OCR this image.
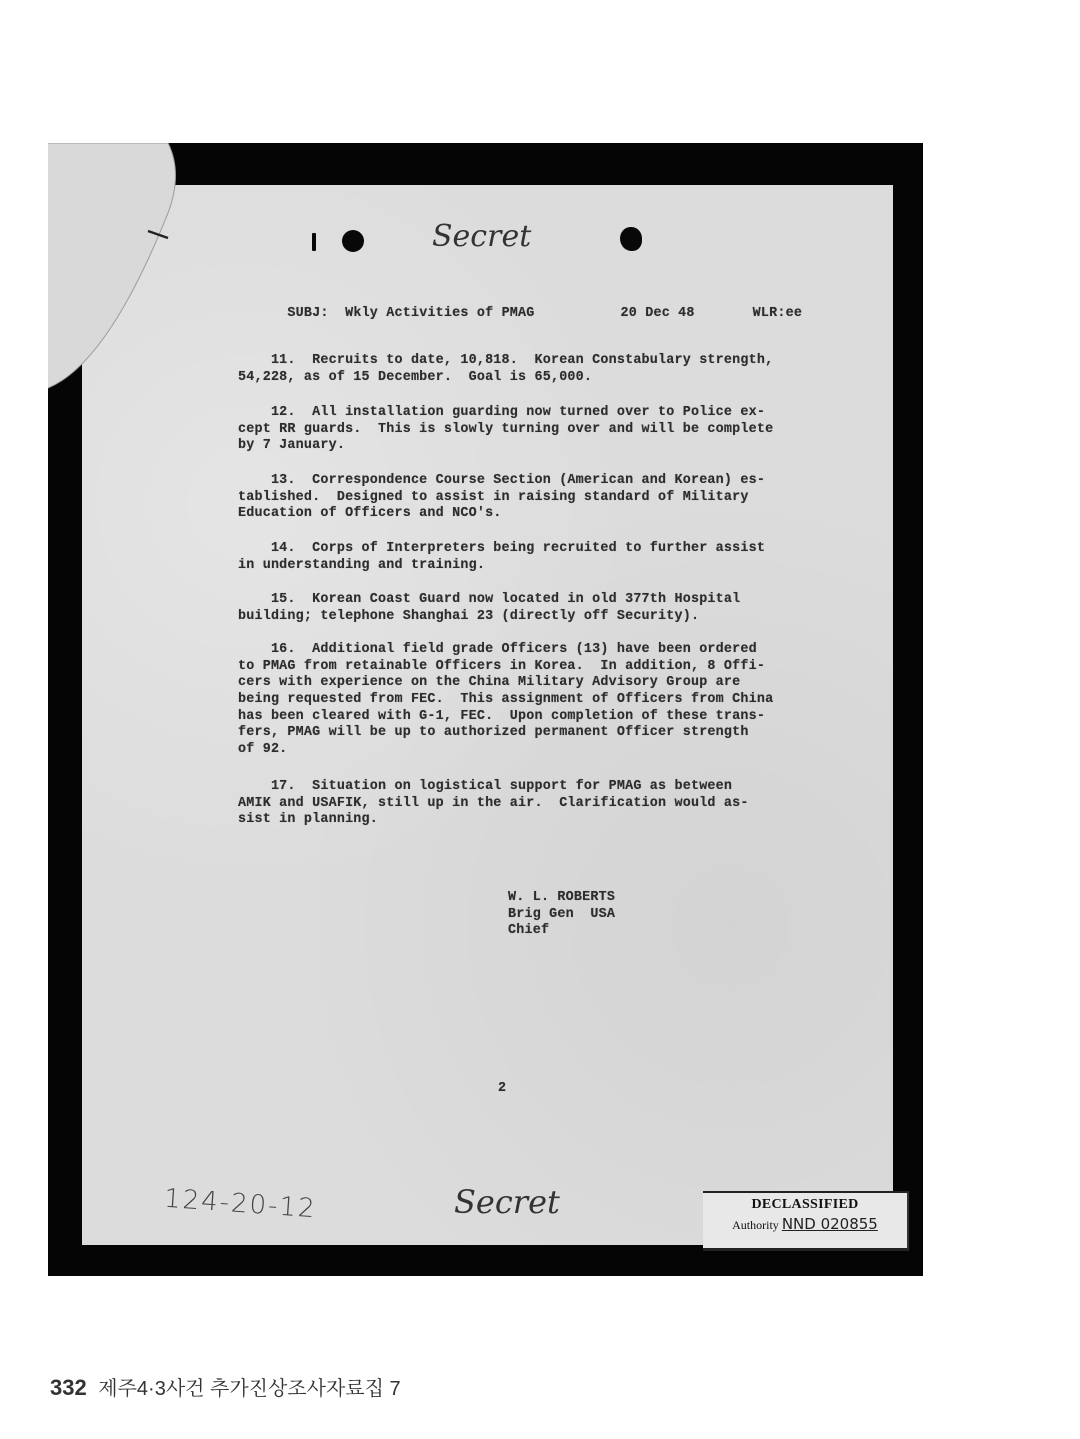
Secret

SUBJ: Wkly Activities of PMAG	20 Dec 48	WLR:ee

11.  Recruits to date, 10,818.  Korean Constabulary strength,
54,228, as of 15 December.  Goal is 65,000.

12.  All installation guarding now turned over to Police ex-
cept RR guards.  This is slowly turning over and will be complete
by 7 January.

13.  Correspondence Course Section (American and Korean) es-
tablished.  Designed to assist in raising standard of Military
Education of Officers and NCO's.

14.  Corps of Interpreters being recruited to further assist
in understanding and training.

15.  Korean Coast Guard now located in old 377th Hospital
building; telephone Shanghai 23 (directly off Security).

16.  Additional field grade Officers (13) have been ordered
to PMAG from retainable Officers in Korea.  In addition, 8 Offi-
cers with experience on the China Military Advisory Group are
being requested from FEC.  This assignment of Officers from China
has been cleared with G-1, FEC.  Upon completion of these trans-
fers, PMAG will be up to authorized permanent Officer strength
of 92.

17.  Situation on logistical support for PMAG as between
AMIK and USAFIK, still up in the air.  Clarification would as-
sist in planning.

W. L. ROBERTS
Brig Gen  USA
Chief

2
124-20-12	Secret	DECLASSIFIED
Authority NND 020855
332 제주4·3사건 추가진상조사자료집 7
